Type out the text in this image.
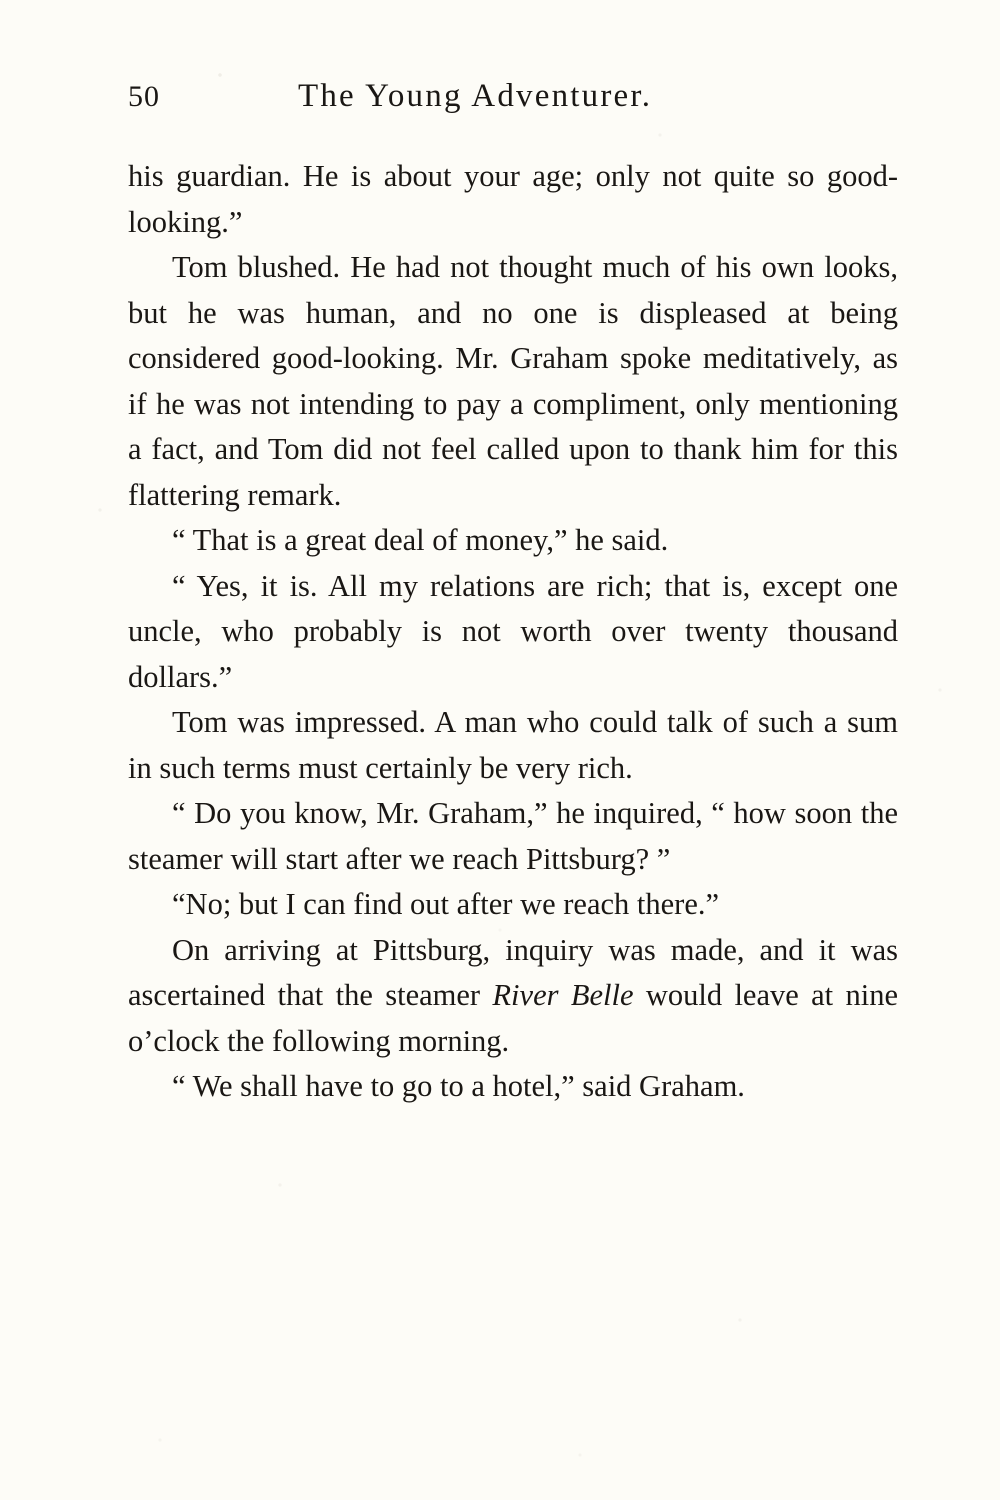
50	The Young Adventurer.

his guardian. He is about your age; only not quite so good-looking.”

Tom blushed. He had not thought much of his own looks, but he was human, and no one is displeased at being considered good-looking. Mr. Graham spoke meditatively, as if he was not intending to pay a compliment, only mentioning a fact, and Tom did not feel called upon to thank him for this flattering remark.

“ That is a great deal of money,” he said.

“ Yes, it is. All my relations are rich; that is, except one uncle, who probably is not worth over twenty thousand dollars.”

Tom was impressed. A man who could talk of such a sum in such terms must certainly be very rich.

“ Do you know, Mr. Graham,” he inquired, “ how soon the steamer will start after we reach Pittsburg? ”

“No; but I can find out after we reach there.”

On arriving at Pittsburg, inquiry was made, and it was ascertained that the steamer River Belle would leave at nine o’clock the following morning.

“ We shall have to go to a hotel,” said Graham.
